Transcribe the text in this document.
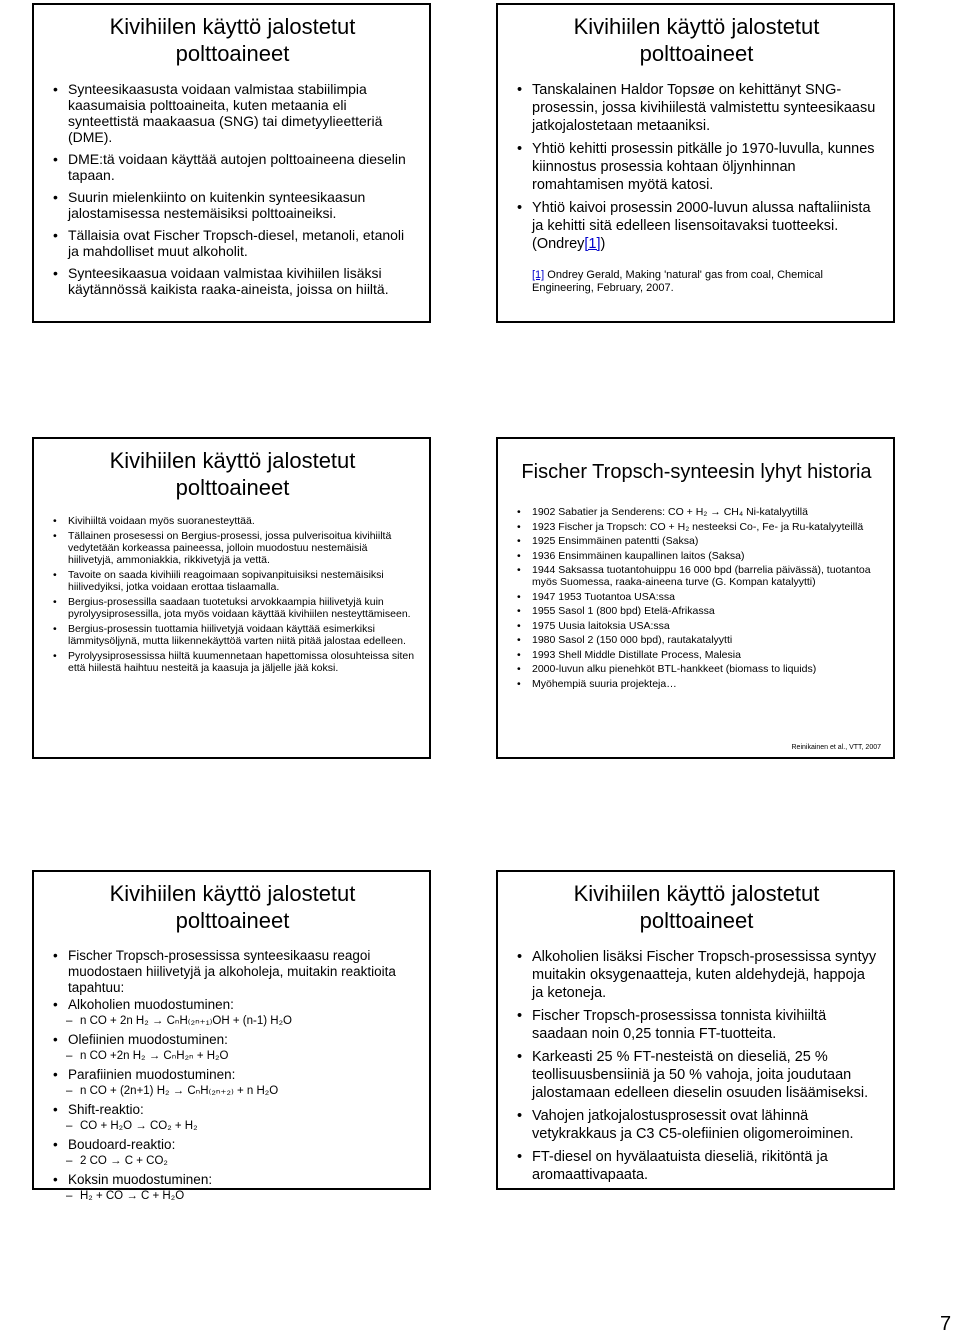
Kivihiilen käyttö jalostetut polttoaineet
• Synteesikaasusta voidaan valmistaa stabiilimpia kaasumaisia polttoaineita, kuten metaania eli synteettistä maakaasua (SNG) tai dimetyylieetteriä (DME).
• DME:tä voidaan käyttää autojen polttoaineena dieselin tapaan.
• Suurin mielenkiinto on kuitenkin synteesikaasun jalostamisessa nestemäisiksi polttoaineiksi.
• Tällaisia ovat Fischer Tropsch-diesel, metanoli, etanoli ja mahdolliset muut alkoholit.
• Synteesikaasua voidaan valmistaa kivihiilen lisäksi käytännössä kaikista raaka-aineista, joissa on hiiltä.
Kivihiilen käyttö jalostetut polttoaineet
• Tanskalainen Haldor Topsøe on kehittänyt SNG-prosessin, jossa kivihiilestä valmistettu synteesikaasu jatkojalostetaan metaaniksi.
• Yhtiö kehitti prosessin pitkälle jo 1970-luvulla, kunnes kiinnostus prosessia kohtaan öljynhinnan romahtamisen myötä katosi.
• Yhtiö kaivoi prosessin 2000-luvun alussa naftaliinista ja kehitti sitä edelleen lisensoitavaksi tuotteeksi. (Ondrey[1])
[1] Ondrey Gerald, Making 'natural' gas from coal, Chemical Engineering, February, 2007.
Kivihiilen käyttö jalostetut polttoaineet
• Kivihiiltä voidaan myös suoranesteyttää.
• Tällainen prosesessi on Bergius-prosessi, jossa pulverisoitua kivihiiltä vedytetään korkeassa paineessa, jolloin muodostuu nestemäisiä hiilivetyjä, ammoniakkia, rikkivetyjä ja vettä.
• Tavoite on saada kivihiili reagoimaan sopivanpituisiksi nestemäisiksi hiilivedyiksi, jotka voidaan erottaa tislaamalla.
• Bergius-prosessilla saadaan tuotetuksi arvokkaampia hiilivetyjä kuin pyrolyysiprosessilla, jota myös voidaan käyttää kivihiilen nesteyttämiseen.
• Bergius-prosessin tuottamia hiilivetyjä voidaan käyttää esimerkiksi lämmitysöljynä, mutta liikennekäyttöä varten niitä pitää jalostaa edelleen.
• Pyrolyysiprosessissa hiiltä kuumennetaan hapettomissa olosuhteissa siten että hiilestä haihtuu nesteitä ja kaasuja ja jäljelle jää koksi.
Fischer Tropsch-synteesin lyhyt historia
• 1902 Sabatier ja Senderens: CO + H₂ → CH₄ Ni-katalyytillä
• 1923 Fischer ja Tropsch: CO + H₂ nesteeksi Co-, Fe- ja Ru-katalyyteillä
• 1925 Ensimmäinen patentti (Saksa)
• 1936 Ensimmäinen kaupallinen laitos (Saksa)
• 1944 Saksassa tuotantohuippu 16 000 bpd (barrelia päivässä), tuotantoa myös Suomessa, raaka-aineena turve (G. Kompan katalyytti)
• 1947 1953 Tuotantoa USA:ssa
• 1955 Sasol 1 (800 bpd) Etelä-Afrikassa
• 1975 Uusia laitoksia USA:ssa
• 1980 Sasol 2 (150 000 bpd), rautakatalyytti
• 1993 Shell Middle Distillate Process, Malesia
• 2000-luvun alku pienehköt BTL-hankkeet (biomass to liquids)
• Myöhempiä suuria projekteja…
Reinikainen et al., VTT, 2007
Kivihiilen käyttö jalostetut polttoaineet
• Fischer Tropsch-prosessissa synteesikaasu reagoi muodostaen hiilivetyjä ja alkoholeja, muitakin reaktioita tapahtuu:
• Alkoholien muodostuminen:
– n CO + 2n H₂ → CₙH₍₂ₙ₊₁₎OH + (n-1) H₂O
• Olefiinien muodostuminen:
– n CO +2n H₂ → CₙH₂ₙ + H₂O
• Parafiinien muodostuminen:
– n CO + (2n+1) H₂ → CₙH₍₂ₙ₊₂₎ + n H₂O
• Shift-reaktio:
– CO + H₂O → CO₂ + H₂
• Boudoard-reaktio:
– 2 CO → C + CO₂
• Koksin muodostuminen:
– H₂ + CO → C + H₂O
Kivihiilen käyttö jalostetut polttoaineet
• Alkoholien lisäksi Fischer Tropsch-prosessissa syntyy muitakin oksygenaatteja, kuten aldehydejä, happoja ja ketoneja.
• Fischer Tropsch-prosessissa tonnista kivihiiltä saadaan noin 0,25 tonnia FT-tuotteita.
• Karkeasti 25 % FT-nesteistä on dieseliä, 25 % teollisuusbensiiniä ja 50 % vahoja, joita joudutaan jalostamaan edelleen dieselin osuuden lisäämiseksi.
• Vahojen jatkojalostusprosessit ovat lähinnä vetykrakkaus ja C3 C5-olefiinien oligomeroiminen.
• FT-diesel on hyvälaatuista dieseliä, rikitöntä ja aromaattivapaata.
7
